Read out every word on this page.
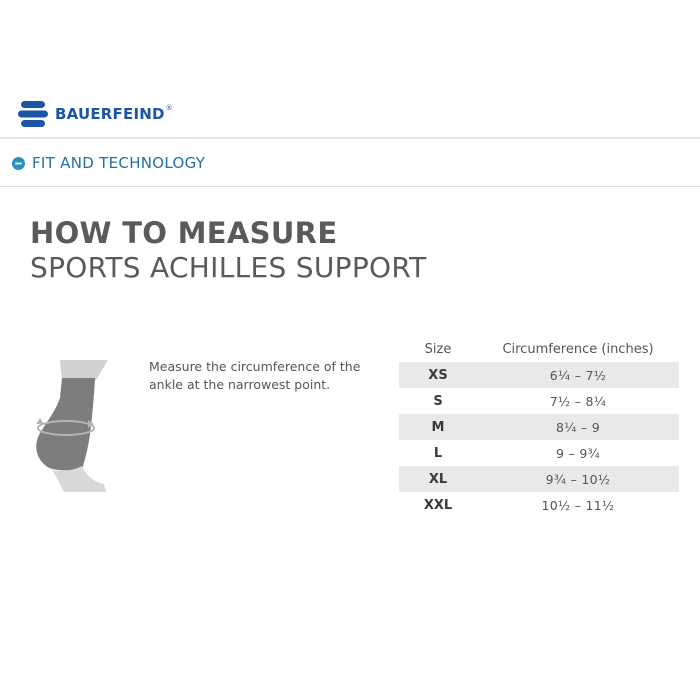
BAUERFEIND ®
FIT AND TECHNOLOGY
HOW TO MEASURE
SPORTS ACHILLES SUPPORT

Measure the circumference of the ankle at the narrowest point.

Size	Circumference (inches)
XS	6¼ – 7½
S	7½ – 8¼
M	8¼ – 9
L	9 – 9¾
XL	9¾ – 10½
XXL	10½ – 11½
